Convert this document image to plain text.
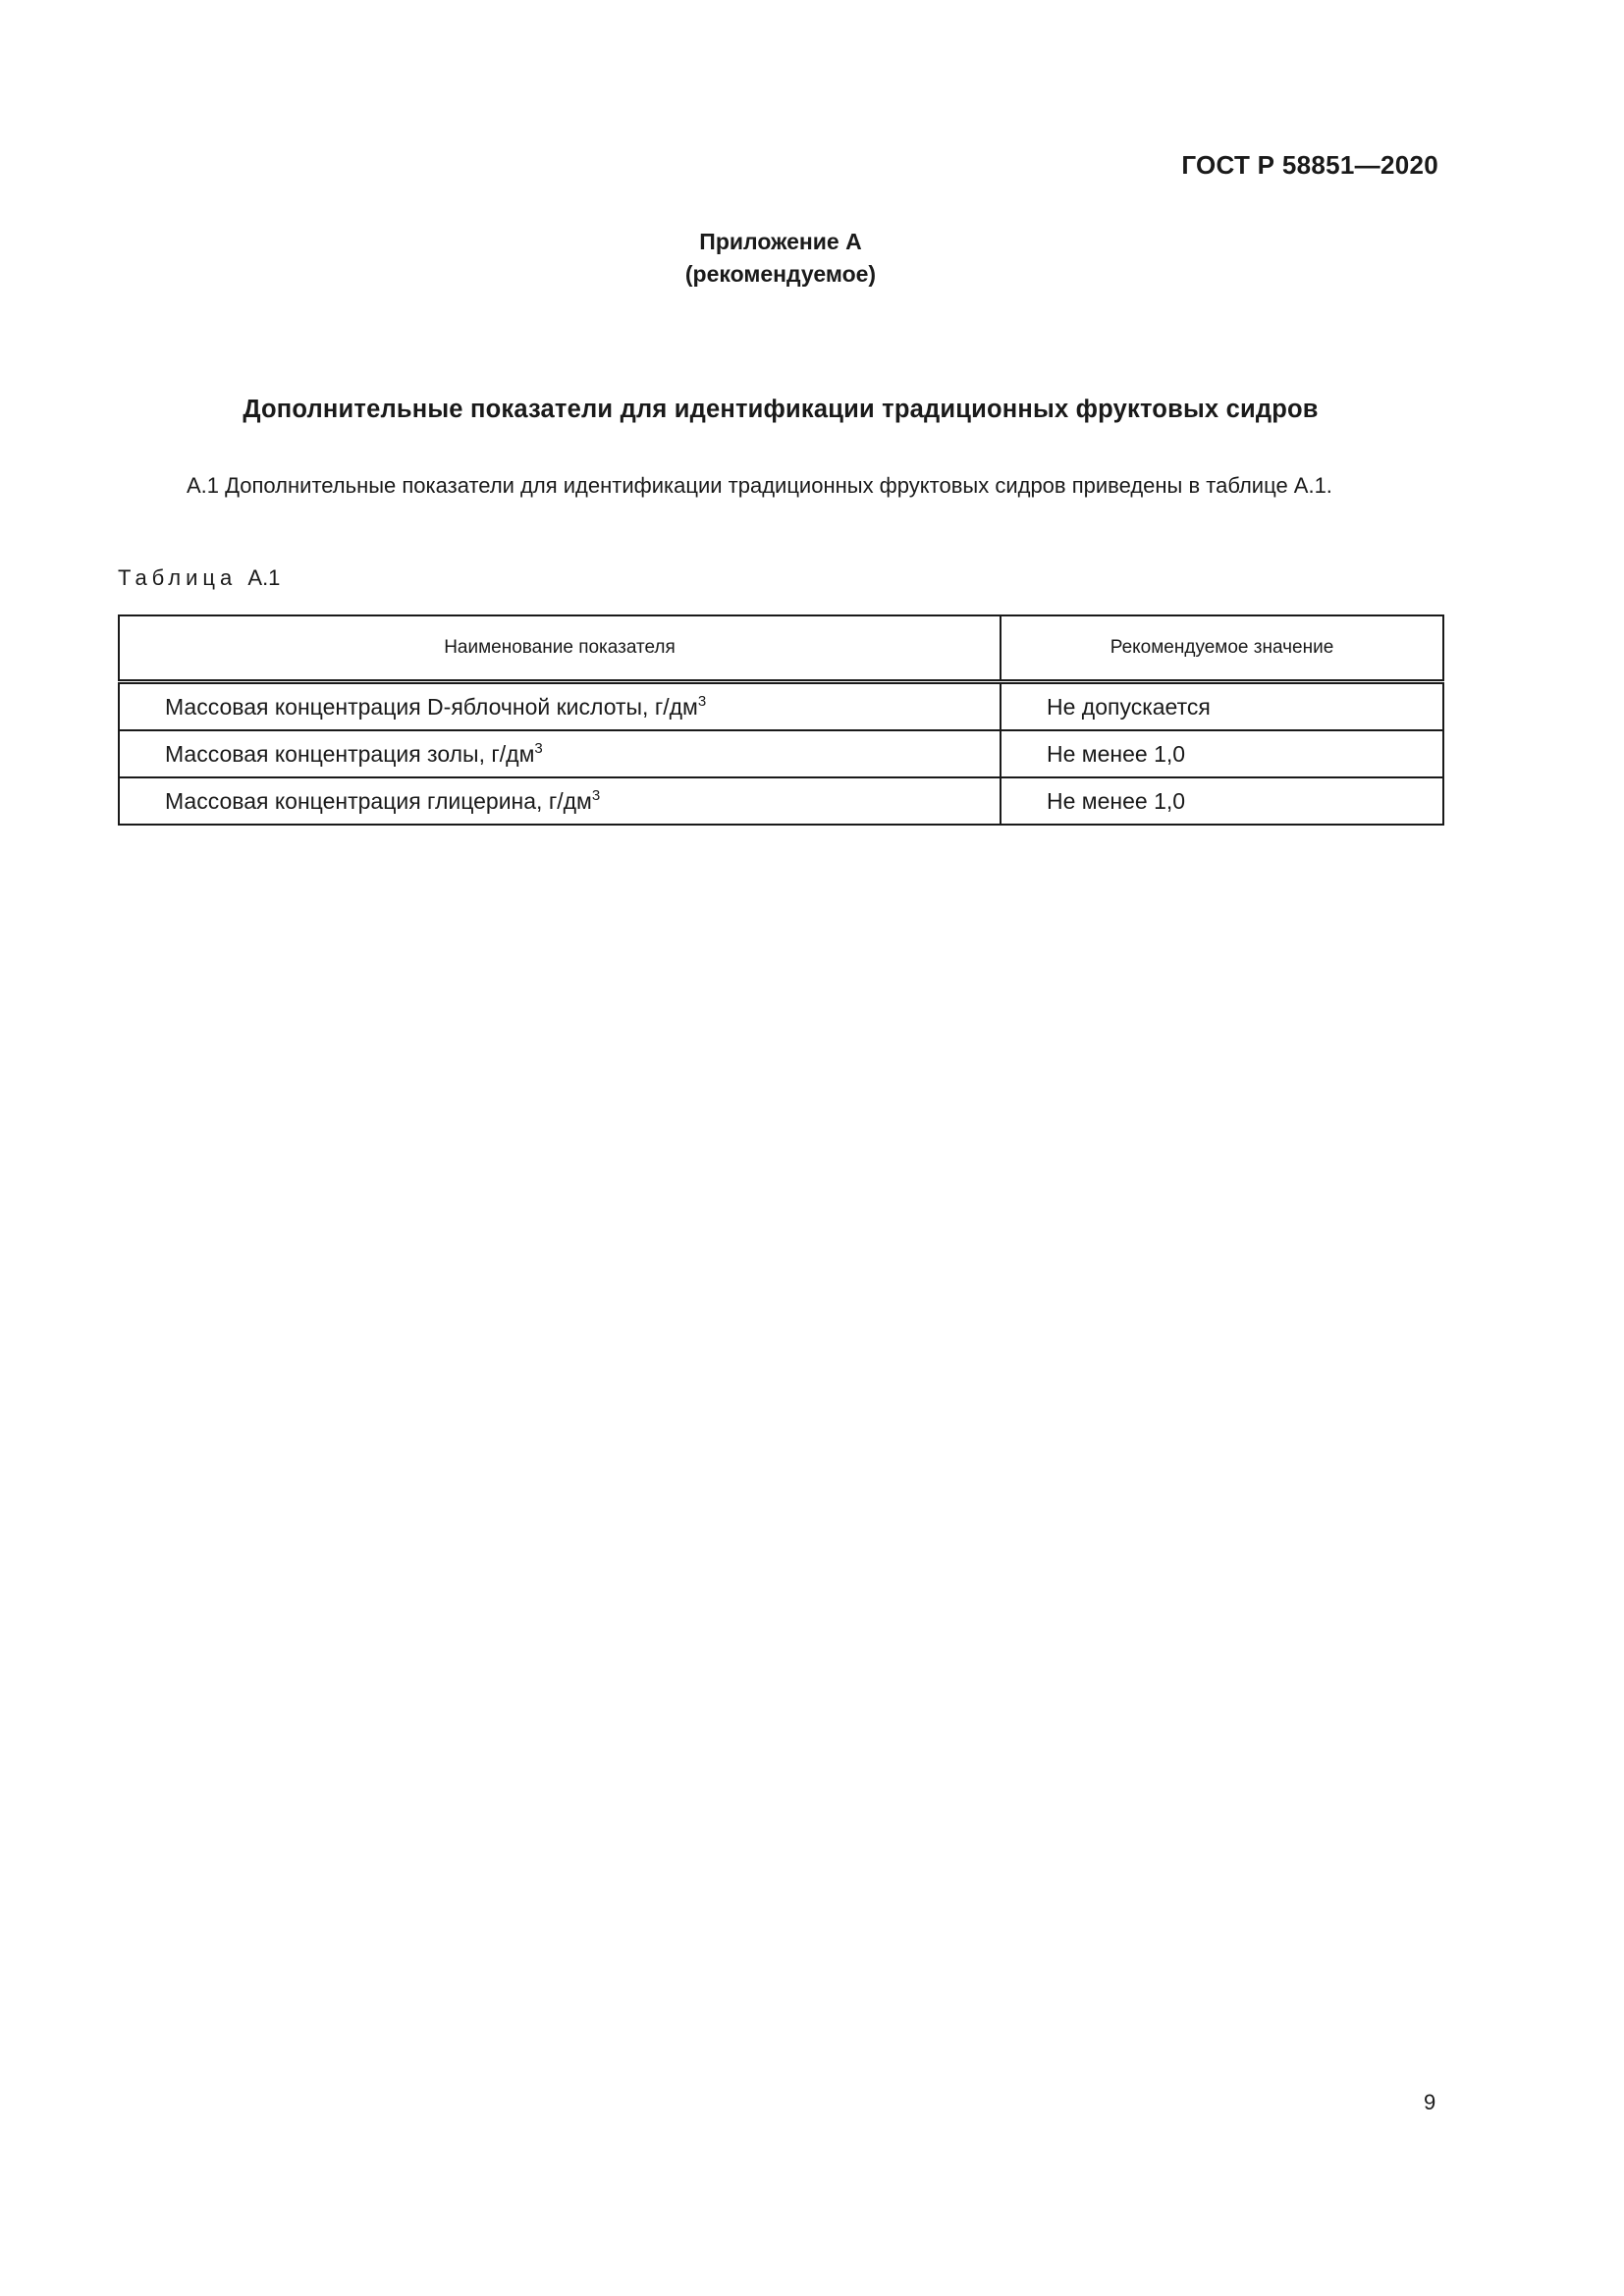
ГОСТ Р 58851—2020
Приложение А
(рекомендуемое)
Дополнительные показатели для идентификации традиционных фруктовых сидров
А.1 Дополнительные показатели для идентификации традиционных фруктовых сидров приведены в таблице А.1.
Таблица А.1
Наименование показателя	Рекомендуемое значение
Массовая концентрация D-яблочной кислоты, $г/дм^3$	Не допускается
Массовая концентрация золы, $г/дм^3$	Не менее 1,0
Массовая концентрация глицерина, $г/дм^3$	Не менее 1,0
9
